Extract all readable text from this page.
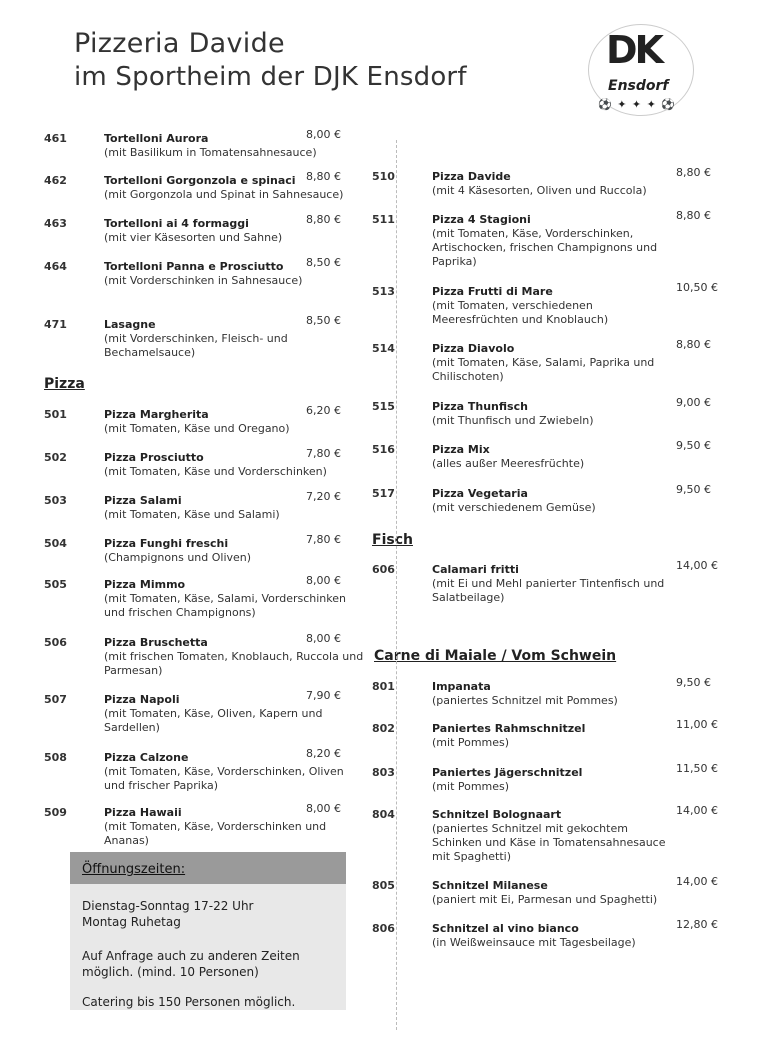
Pizzeria Davide
im Sportheim der DJK Ensdorf
DK
Ensdorf
⚽ ✦ ✦ ✦ ⚽
Pizza
Fisch
Carne di Maiale / Vom Schwein
461	Tortelloni Aurora
(mit Basilikum in Tomatensahnesauce)
8,00 €
462	Tortelloni Gorgonzola e spinaci
(mit Gorgonzola und Spinat in Sahnesauce)
8,80 €
463	Tortelloni ai 4 formaggi
(mit vier Käsesorten und Sahne)
8,80 €
464	Tortelloni Panna e Prosciutto
(mit Vorderschinken in Sahnesauce)
8,50 €
471	Lasagne
(mit Vorderschinken, Fleisch- und Bechamelsauce)
8,50 €
501	Pizza Margherita
(mit Tomaten, Käse und Oregano)
6,20 €
502	Pizza Prosciutto
(mit Tomaten, Käse und Vorderschinken)
7,80 €
503	Pizza Salami
(mit Tomaten, Käse und Salami)
7,20 €
504	Pizza Funghi freschi
(Champignons und Oliven)
7,80 €
505	Pizza Mimmo
(mit Tomaten, Käse, Salami, Vorderschinken und frischen Champignons)
8,00 €
506	Pizza Bruschetta
(mit frischen Tomaten, Knoblauch, Ruccola und Parmesan)
8,00 €
507	Pizza Napoli
(mit Tomaten, Käse, Oliven, Kapern und Sardellen)
7,90 €
508	Pizza Calzone
(mit Tomaten, Käse, Vorderschinken, Oliven und frischer Paprika)
8,20 €
509	Pizza Hawaii
(mit Tomaten, Käse, Vorderschinken und Ananas)
8,00 €
510	Pizza Davide
(mit 4 Käsesorten, Oliven und Ruccola)
8,80 €
511	Pizza 4 Stagioni
(mit Tomaten, Käse, Vorderschinken, Artischocken, frischen Champignons und Paprika)
8,80 €
513	Pizza Frutti di Mare
(mit Tomaten, verschiedenen Meeresfrüchten und Knoblauch)
10,50 €
514	Pizza Diavolo
(mit Tomaten, Käse, Salami, Paprika und Chilischoten)
8,80 €
515	Pizza Thunfisch
(mit Thunfisch und Zwiebeln)
9,00 €
516	Pizza Mix
(alles außer Meeresfrüchte)
9,50 €
517	Pizza Vegetaria
(mit verschiedenem Gemüse)
9,50 €
606	Calamari fritti
(mit Ei und Mehl panierter Tintenfisch und Salatbeilage)
14,00 €
801	Impanata
(paniertes Schnitzel mit Pommes)
9,50 €
802	Paniertes Rahmschnitzel
(mit Pommes)
11,00 €
803	Paniertes Jägerschnitzel
(mit Pommes)
11,50 €
804	Schnitzel Bolognaart
(paniertes Schnitzel mit gekochtem Schinken und Käse in Tomatensahnesauce mit Spaghetti)
14,00 €
805	Schnitzel Milanese
(paniert mit Ei, Parmesan und Spaghetti)
14,00 €
806	Schnitzel al vino bianco
(in Weißweinsauce mit Tagesbeilage)
12,80 €
Öffnungszeiten:
Dienstag-Sonntag 17-22 Uhr
Montag Ruhetag
Auf Anfrage auch zu anderen Zeiten
möglich. (mind. 10 Personen)
Catering bis 150 Personen möglich.
